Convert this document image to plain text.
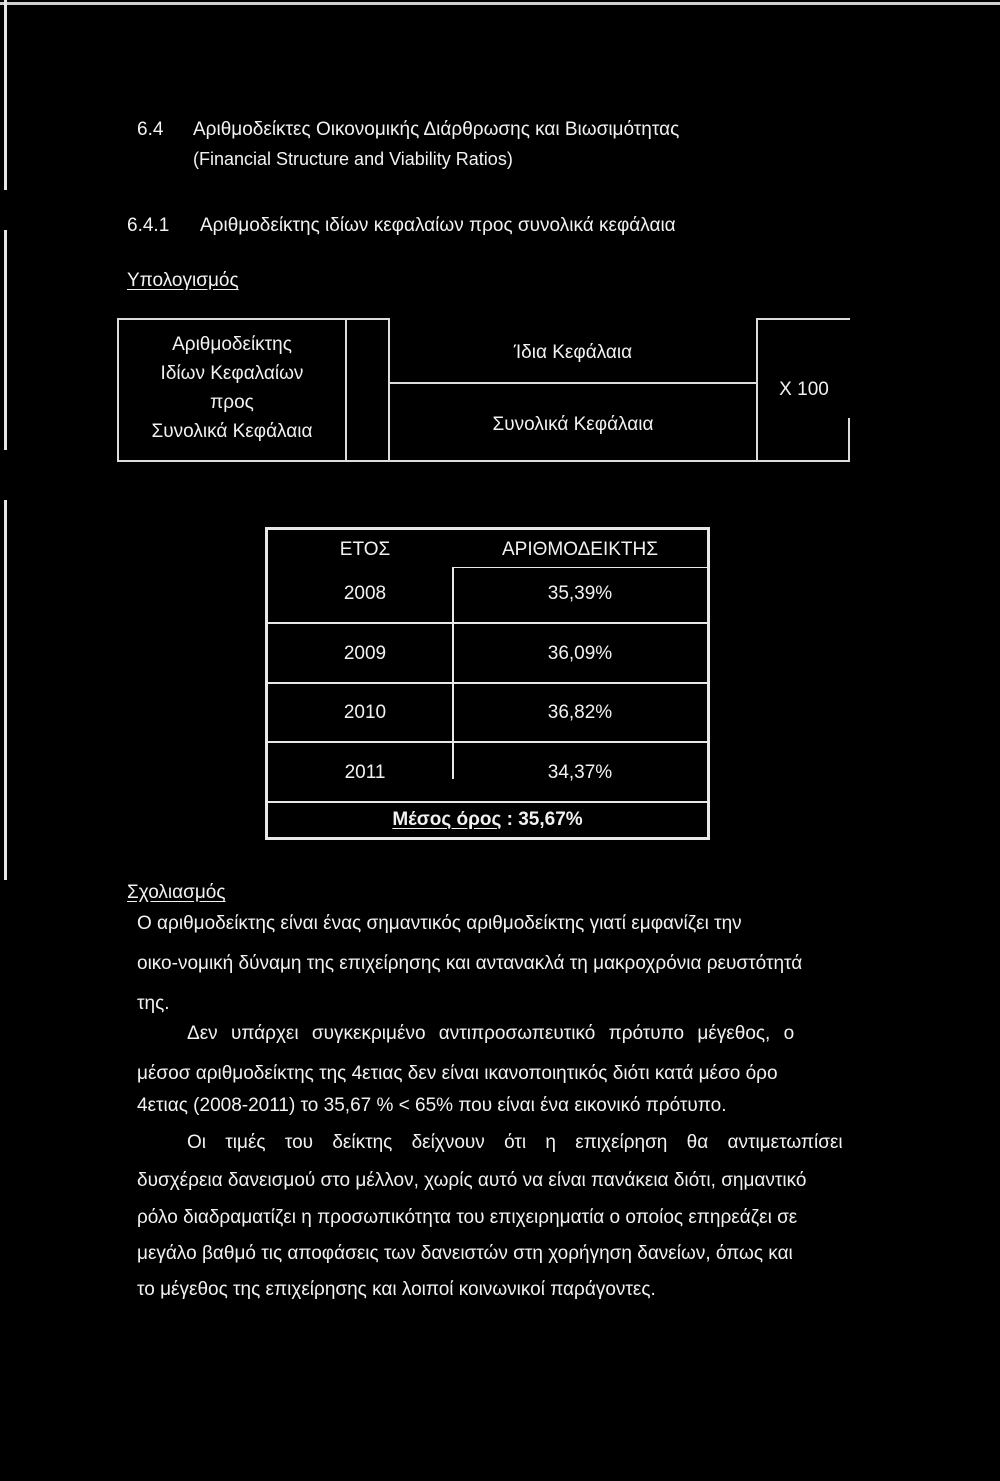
6.4 Αριθμοδείκτες Οικονομικής Διάρθρωσης και Βιωσιμότητας
(Financial Structure and Viability Ratios)
6.4.1 Αριθμοδείκτης ιδίων κεφαλαίων προς συνολικά κεφάλαια
Υπολογισμός
Αριθμοδείκτης
Ιδίων Κεφαλαίων
προς
Συνολικά Κεφάλαια
Ίδια Κεφάλαια
Συνολικά Κεφάλαια
Χ 100
ΕΤΟΣ	ΑΡΙΘΜΟΔΕΙΚΤΗΣ
2008	35,39%
2009	36,09%
2010	36,82%
2011	34,37%
Μέσος όρος : 35,67%
Σχολιασμός
Ο αριθμοδείκτης είναι ένας σημαντικός αριθμοδείκτης γιατί εμφανίζει την
οικο-νομική δύναμη της επιχείρησης και αντανακλά τη μακροχρόνια ρευστότητά
της.
Δεν υπάρχει συγκεκριμένο αντιπροσωπευτικό πρότυπο μέγεθος, ο
μέσοσ αριθμοδείκτης της 4ετιας δεν είναι ικανοποιητικός διότι κατά μέσο όρο
4ετιας (2008-2011) το 35,67 % < 65% που είναι ένα εικονικό πρότυπο.
Οι τιμές του δείκτης δείχνουν ότι η επιχείρηση θα αντιμετωπίσει
δυσχέρεια δανεισμού στο μέλλον, χωρίς αυτό να είναι πανάκεια διότι, σημαντικό
ρόλο διαδραματίζει η προσωπικότητα του επιχειρηματία ο οποίος επηρεάζει σε
μεγάλο βαθμό τις αποφάσεις των δανειστών στη χορήγηση δανείων, όπως και
το μέγεθος της επιχείρησης και λοιποί κοινωνικοί παράγοντες.
